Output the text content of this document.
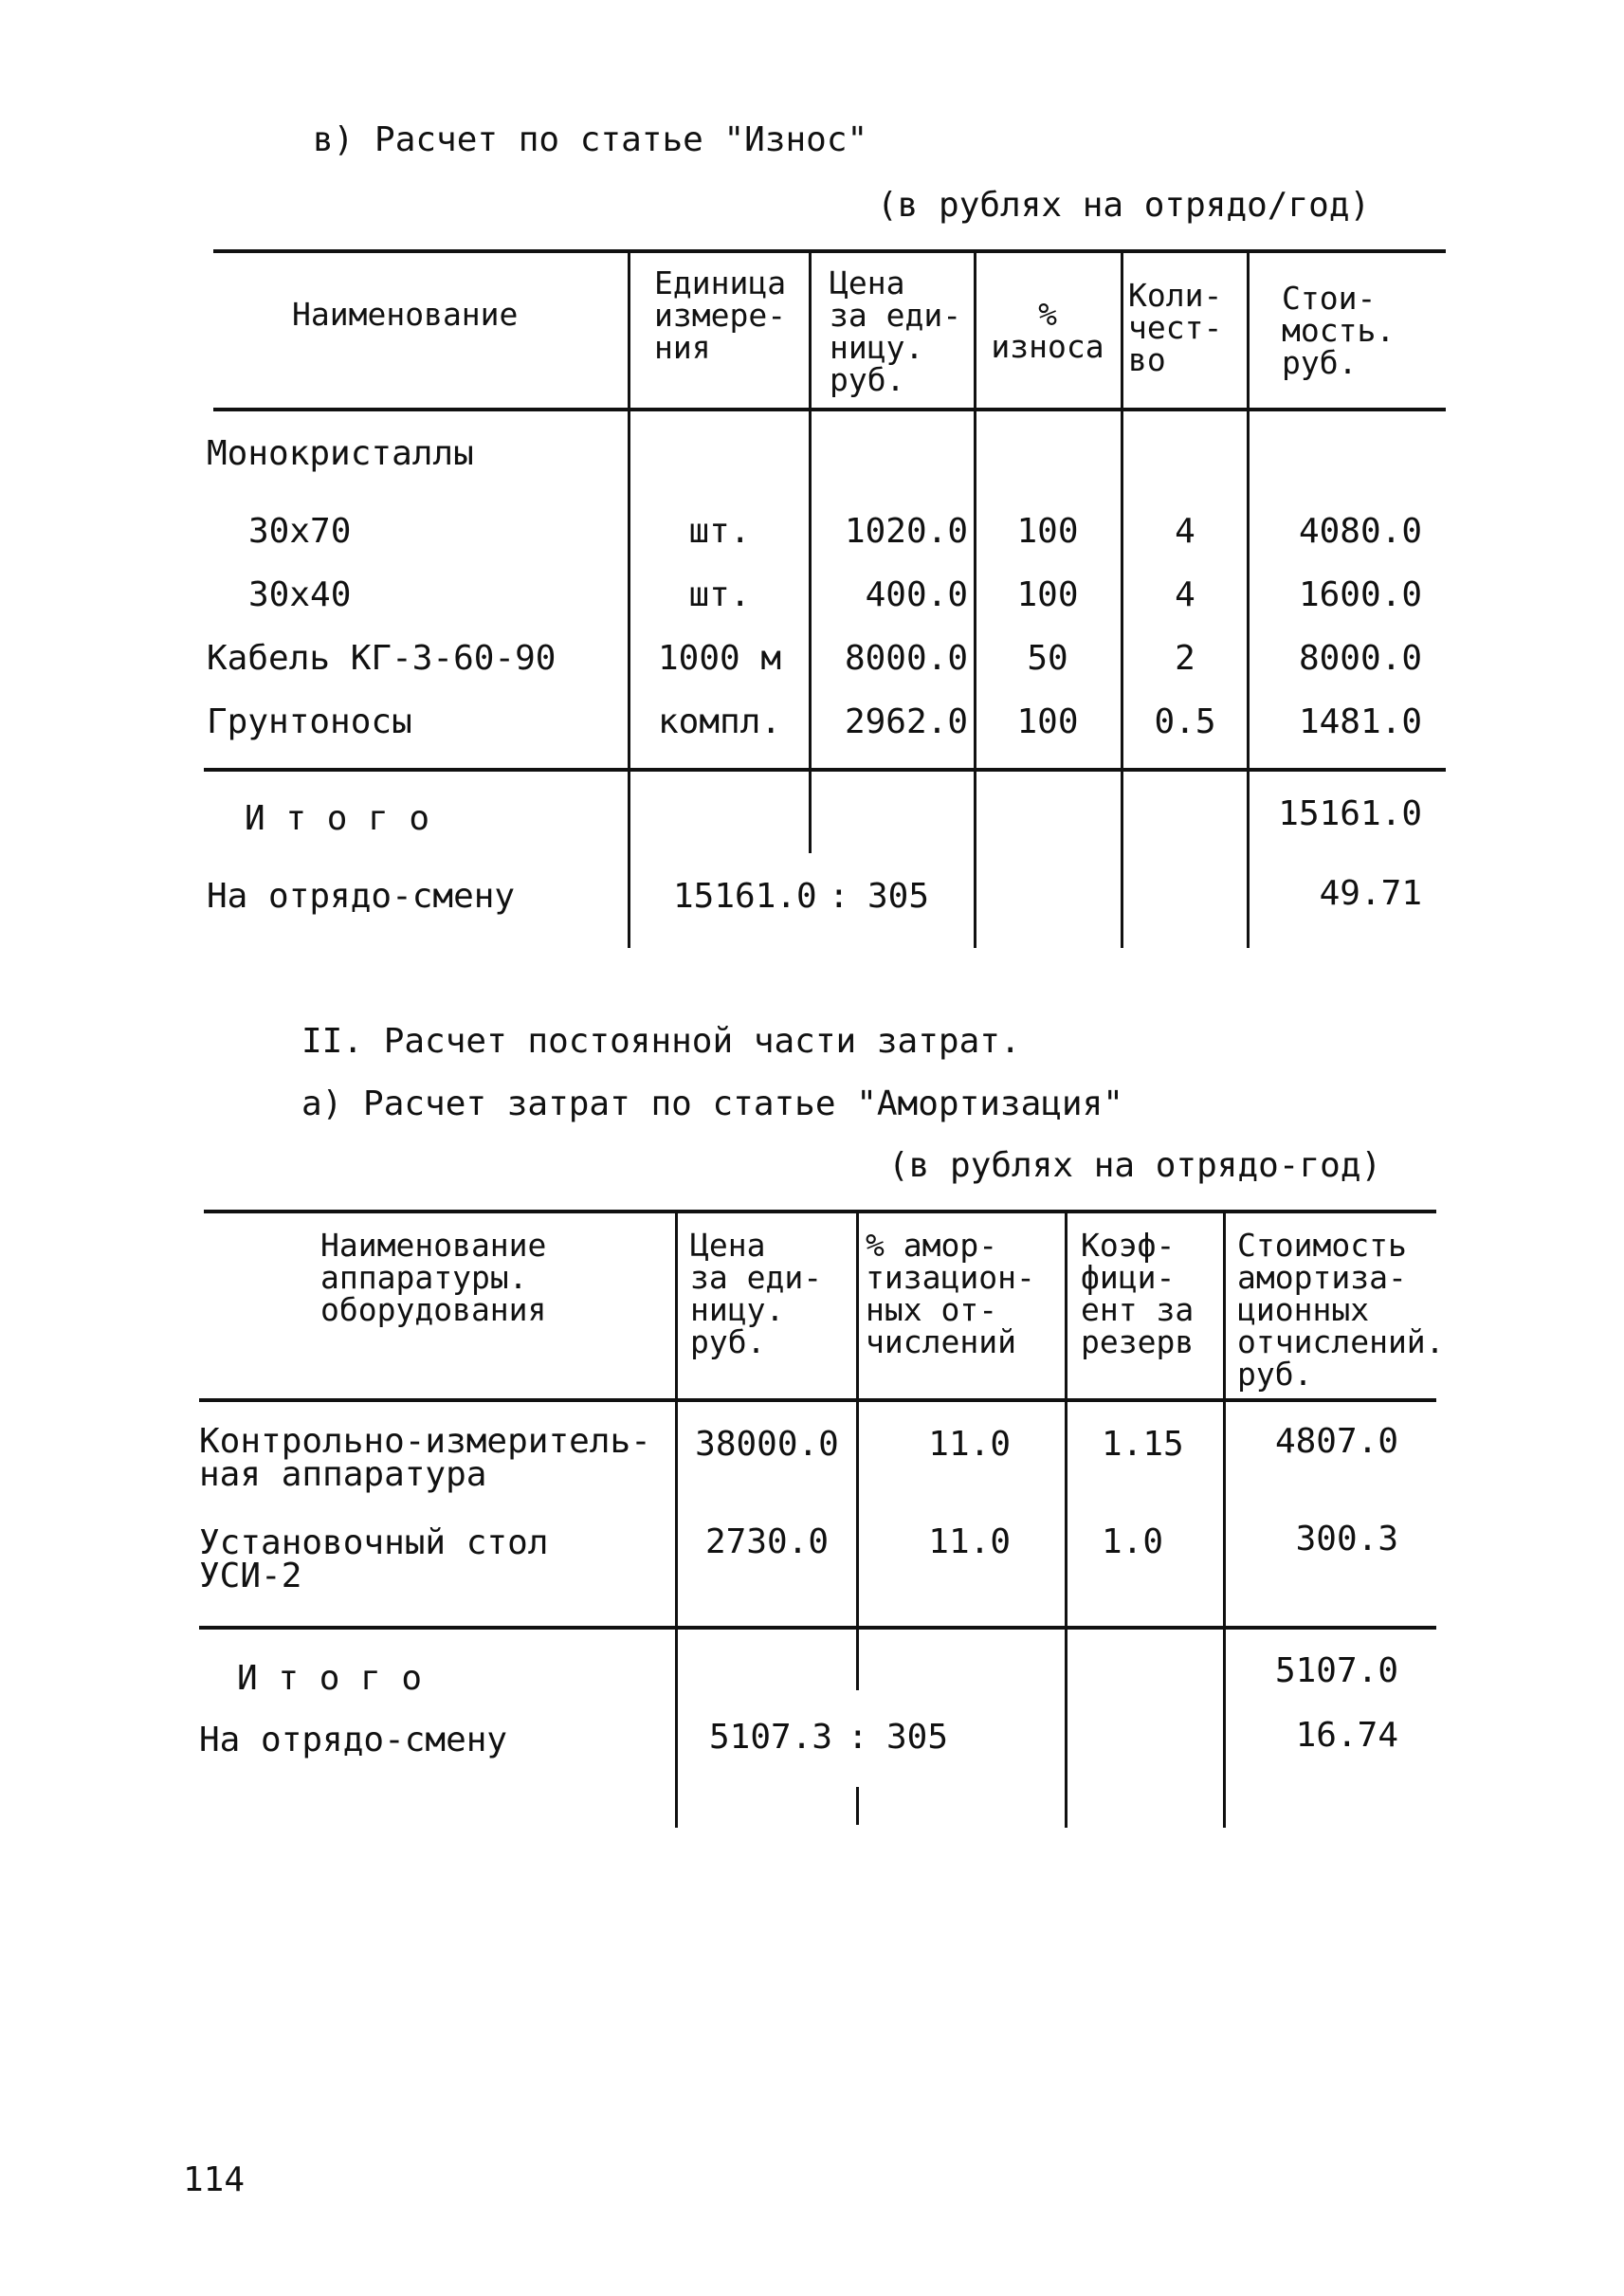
в) Расчет по статье "Износ"
(в рублях на отрядо/год)
Наименование
Единица
измере-
ния
Цена
за еди-
ницу.
руб.
%
износа
Коли-
чест-
во
Стои-
мость.
руб.
Монокристаллы
30х70	шт.	1020.0	100	4	4080.0
30х40	шт.	400.0	100	4	1600.0
Кабель КГ-3-60-90	1000 м	8000.0	50	2	8000.0
Грунтоносы	компл.	2962.0	100	0.5	1481.0
И т о г о	15161.0
На отрядо-смену	15161.0 : 305	49.71
II. Расчет постоянной части затрат.
а) Расчет затрат по статье "Амортизация"
(в рублях на отрядо-год)
Наименование
аппаратуры.
оборудования
Цена
за еди-
ницу.
руб.
% амор-
тизацион-
ных от-
числений
Коэф-
фици-
ент за
резерв
Стоимость
амортиза-
ционных
отчислений.
руб.
Контрольно-измеритель-
ная аппаратура
38000.0	11.0	1.15	4807.0
Установочный стол
УСИ-2
2730.0	11.0	1.0	300.3
И т о г о	5107.0
На отрядо-смену	5107.3 : 305	16.74
114
